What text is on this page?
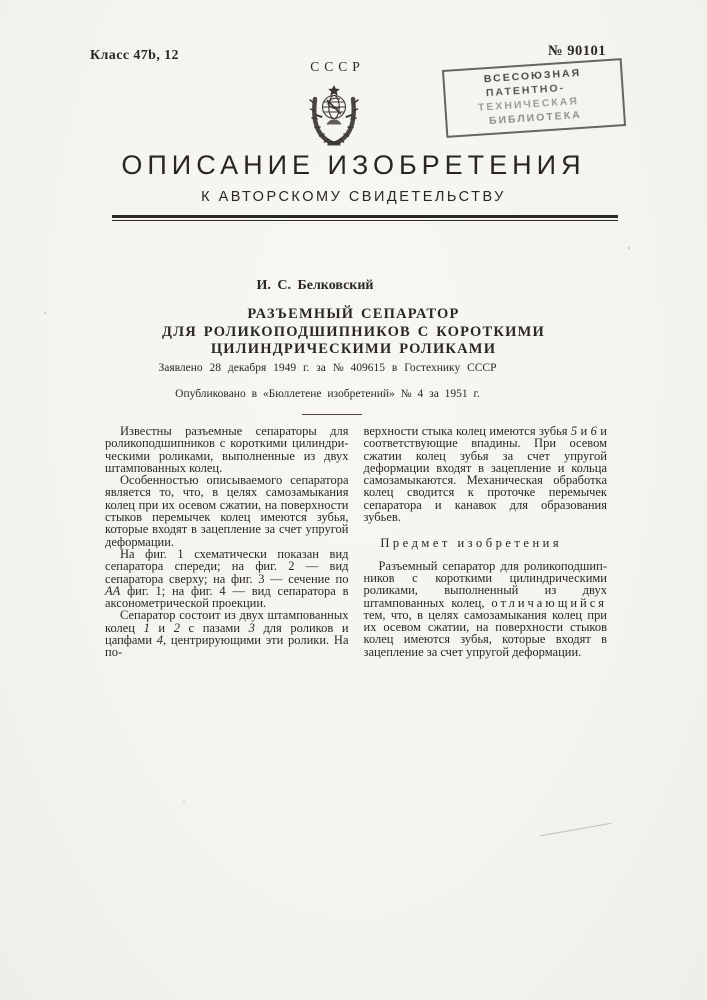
Класс 47b, 12	№ 90101
СССР
ВСЕСОЮЗНАЯ
ПАТЕНТНО-
ТЕХНИЧЕСКАЯ
БИБЛИОТЕКА
ОПИСАНИЕ ИЗОБРЕТЕНИЯ
К АВТОРСКОМУ СВИДЕТЕЛЬСТВУ
И. С. Белковский
РАЗЪЕМНЫЙ СЕПАРАТОР
ДЛЯ РОЛИКОПОДШИПНИКОВ С КОРОТКИМИ
ЦИЛИНДРИЧЕСКИМИ РОЛИКАМИ
Заявлено 28 декабря 1949 г. за № 409615 в Гостехнику СССР
Опубликовано в «Бюллетене изобретений» № 4 за 1951 г.

Известны разъемные сепараторы для роликоподшипников с короткими цилиндрическими роликами, выполненные из двух штампованных колец.

Особенностью описываемого сепаратора является то, что, в целях самозамыкания колец при их осевом сжатии, на поверхности стыков перемычек колец имеются зубья, которые входят в зацепление за счет упругой деформации.

На фиг. 1 схематически показан вид сепаратора спереди; на фиг. 2 — вид сепаратора сверху; на фиг. 3 — сечение по АА фиг. 1; на фиг. 4 — вид сепаратора в аксонометрической проекции.

Сепаратор состоит из двух штампованных колец 1 и 2 с пазами 3 для роликов и цапфами 4, центрирующими эти ролики. На по-

верхности стыка колец имеются зубья 5 и 6 и соответствующие впадины. При осевом сжатии колец зубья за счет упругой деформации входят в зацепление и кольца самозамыкаются. Механическая обработка колец сводится к проточке перемычек сепаратора и канавок для образования зубьев.

Предмет изобретения

Разъемный сепаратор для роликоподшипников с короткими цилиндрическими роликами, выполненный из двух штампованных колец, отличающийся тем, что, в целях самозамыкания колец при их осевом сжатии, на поверхности стыков колец имеются зубья, которые входят в зацепление за счет упругой деформации.
